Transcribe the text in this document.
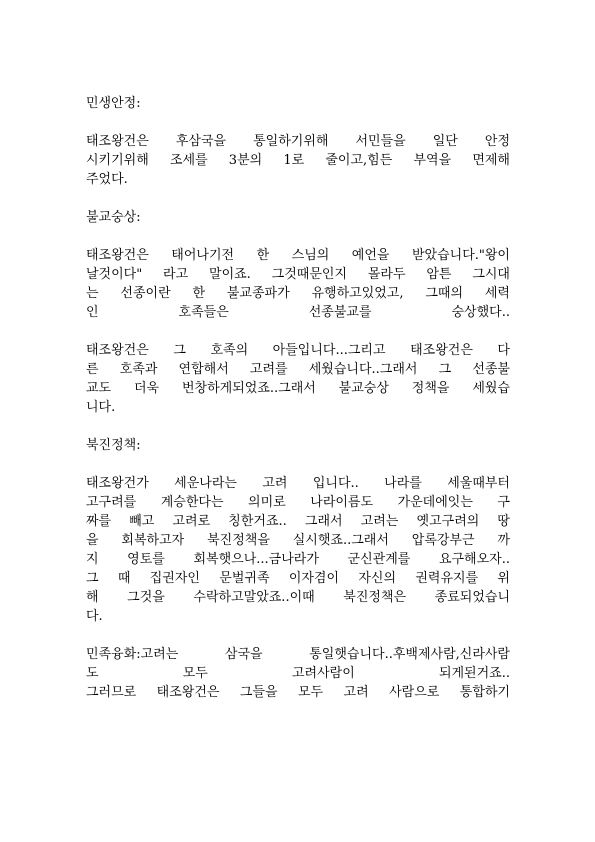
민생안정:
태조왕건은 후삼국을 통일하기위해 서민들을 일단 안정
시키기위해 조세를 3분의 1로 줄이고,힘든 부역을 면제해
주었다.
불교숭상:
태조왕건은 태어나기전 한 스님의 예언을 받았습니다."왕이
날것이다" 라고 말이죠. 그것때문인지 몰라두 암튼 그시대
는 선종이란 한 불교종파가 유행하고있었고, 그때의 세력
인 호족들은 선종불교를 숭상했다..
태조왕건은 그 호족의 아들입니다...그리고 태조왕건은 다
른 호족과 연합해서 고려를 세웠습니다..그래서 그 선종불
교도 더욱 번창하게되었죠..그래서 불교숭상 정책을 세웠습
니다.
북진정책:
태조왕건가 세운나라는 고려 입니다.. 나라를 세울때부터
고구려를 계승한다는 의미로 나라이름도 가운데에잇는 구
짜를 빼고 고려로 칭한거죠.. 그래서 고려는 옛고구려의 땅
을 회복하고자 북진정책을 실시햇죠..그래서 압록강부근 까
지 영토를 회복햇으나...금나라가 군신관계를 요구해오자..
그 때 집권자인 문벌귀족 이자겸이 자신의 권력유지를 위
해 그것을 수락하고말았죠..이때 북진정책은 종료되었습니
다.
민족융화:고려는 삼국을 통일햇습니다..후백제사람,신라사람
도 모두 고려사람이 되게된거죠..
그러므로 태조왕건은 그들을 모두 고려 사람으로 통합하기
